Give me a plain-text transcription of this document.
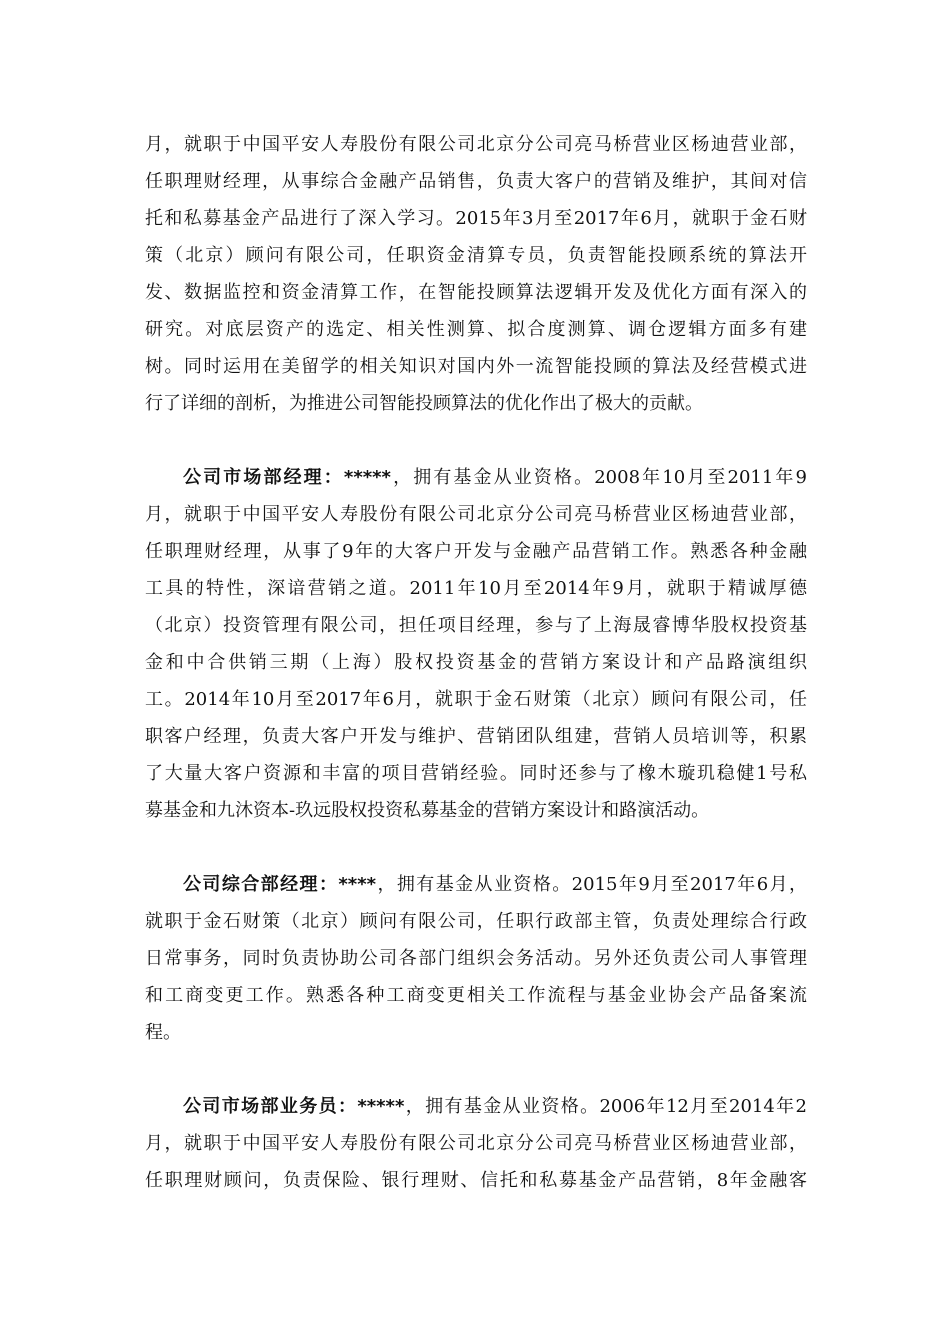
月，就职于中国平安人寿股份有限公司北京分公司亮马桥营业区杨迪营业部，
任职理财经理，从事综合金融产品销售，负责大客户的营销及维护，其间对信
托和私募基金产品进行了深入学习。2015年3月至2017年6月，就职于金石财
策（北京）顾问有限公司，任职资金清算专员，负责智能投顾系统的算法开
发、数据监控和资金清算工作，在智能投顾算法逻辑开发及优化方面有深入的
研究。对底层资产的选定、相关性测算、拟合度测算、调仓逻辑方面多有建
树。同时运用在美留学的相关知识对国内外一流智能投顾的算法及经营模式进
行了详细的剖析，为推进公司智能投顾算法的优化作出了极大的贡献。
公司市场部经理：*****，拥有基金从业资格。2008年10月至2011年9
月，就职于中国平安人寿股份有限公司北京分公司亮马桥营业区杨迪营业部，
任职理财经理，从事了9年的大客户开发与金融产品营销工作。熟悉各种金融
工具的特性，深谙营销之道。2011年10月至2014年9月，就职于精诚厚德
（北京）投资管理有限公司，担任项目经理，参与了上海晟睿博华股权投资基
金和中合供销三期（上海）股权投资基金的营销方案设计和产品路演组织
工。2014年10月至2017年6月，就职于金石财策（北京）顾问有限公司，任
职客户经理，负责大客户开发与维护、营销团队组建，营销人员培训等，积累
了大量大客户资源和丰富的项目营销经验。同时还参与了橡木璇玑稳健1号私
募基金和九沐资本-玖远股权投资私募基金的营销方案设计和路演活动。
公司综合部经理：****，拥有基金从业资格。2015年9月至2017年6月，
就职于金石财策（北京）顾问有限公司，任职行政部主管，负责处理综合行政
日常事务，同时负责协助公司各部门组织会务活动。另外还负责公司人事管理
和工商变更工作。熟悉各种工商变更相关工作流程与基金业协会产品备案流
程。
公司市场部业务员：*****，拥有基金从业资格。2006年12月至2014年2
月，就职于中国平安人寿股份有限公司北京分公司亮马桥营业区杨迪营业部，
任职理财顾问，负责保险、银行理财、信托和私募基金产品营销，8年金融客
